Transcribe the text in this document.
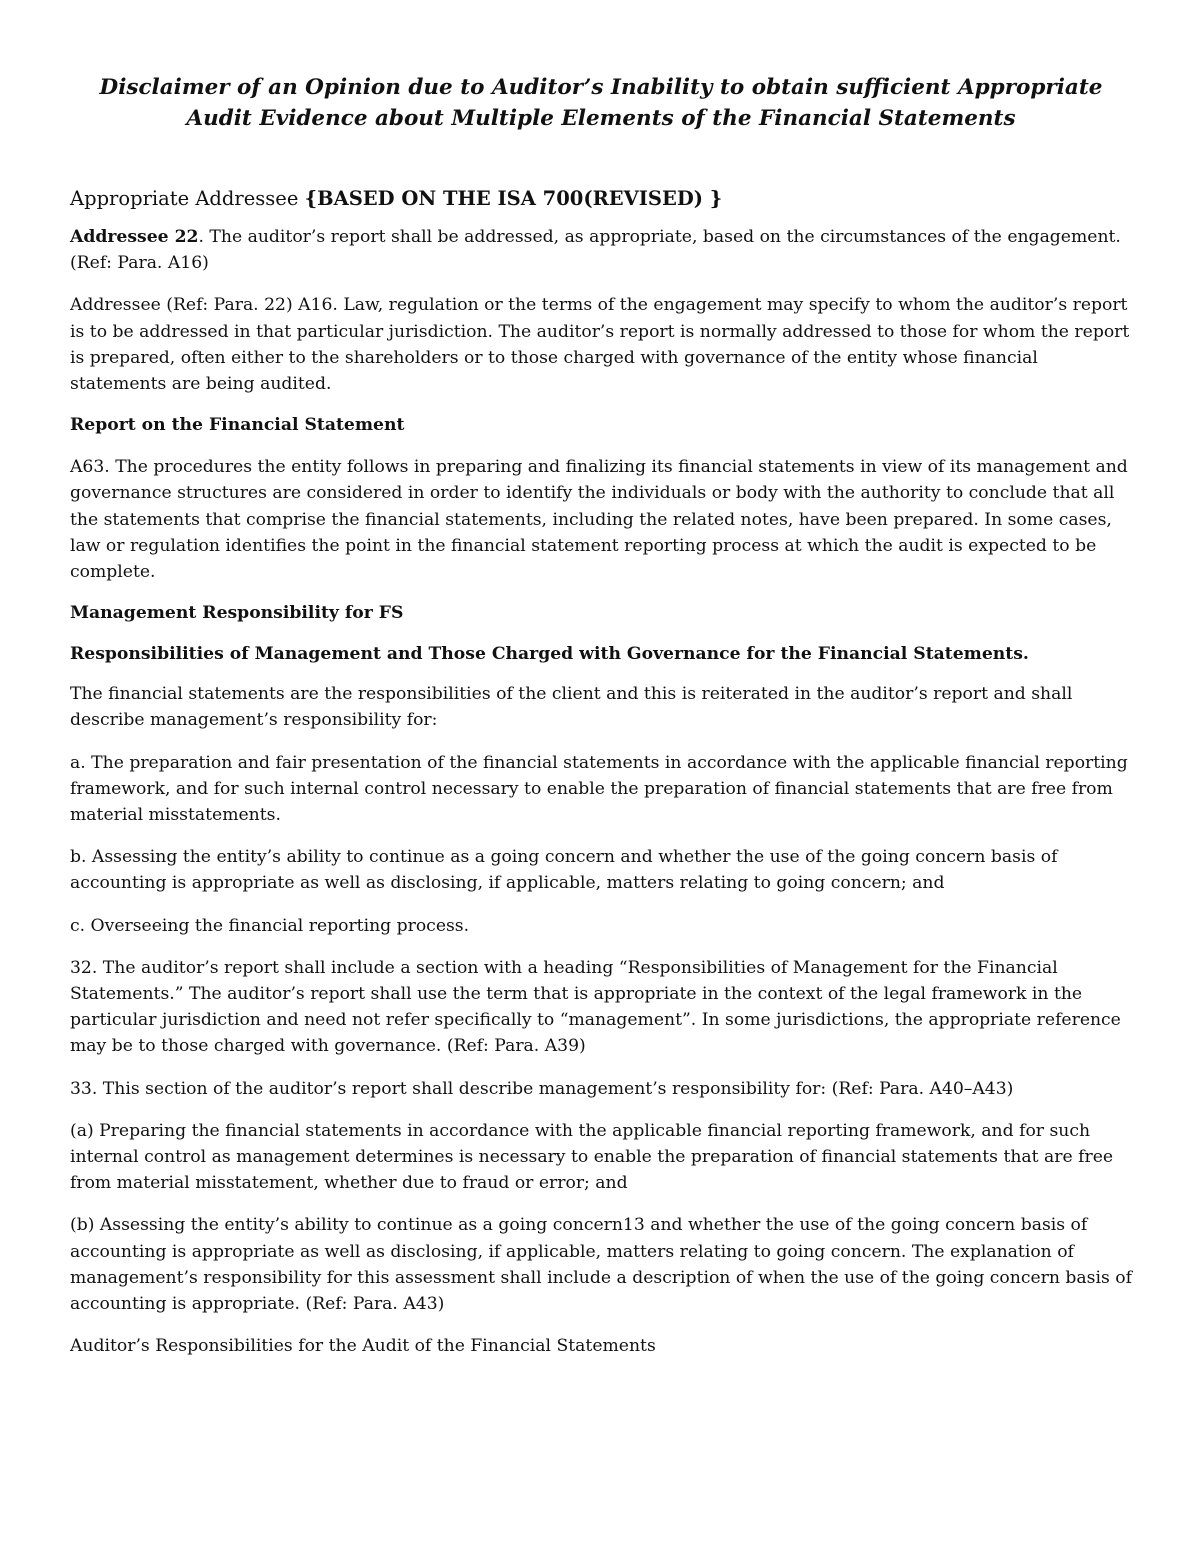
Disclaimer of an Opinion due to Auditor’s Inability to obtain sufficient Appropriate
Audit Evidence about Multiple Elements of the Financial Statements
Appropriate Addressee {BASED ON THE ISA 700(REVISED) }

Addressee 22. The auditor’s report shall be addressed, as appropriate, based on the circumstances of the engagement. (Ref: Para. A16)

Addressee (Ref: Para. 22) A16. Law, regulation or the terms of the engagement may specify to whom the auditor’s report is to be addressed in that particular jurisdiction. The auditor’s report is normally addressed to those for whom the report is prepared, often either to the shareholders or to those charged with governance of the entity whose financial statements are being audited.

Report on the Financial Statement

A63. The procedures the entity follows in preparing and finalizing its financial statements in view of its management and governance structures are considered in order to identify the individuals or body with the authority to conclude that all the statements that comprise the financial statements, including the related notes, have been prepared. In some cases, law or regulation identifies the point in the financial statement reporting process at which the audit is expected to be complete.

Management Responsibility for FS
Responsibilities of Management and Those Charged with Governance for the Financial Statements.

The financial statements are the responsibilities of the client and this is reiterated in the auditor’s report and shall describe management’s responsibility for:

a. The preparation and fair presentation of the financial statements in accordance with the applicable financial reporting framework, and for such internal control necessary to enable the preparation of financial statements that are free from material misstatements.

b. Assessing the entity’s ability to continue as a going concern and whether the use of the going concern basis of accounting is appropriate as well as disclosing, if applicable, matters relating to going concern; and

c. Overseeing the financial reporting process.

32. The auditor’s report shall include a section with a heading “Responsibilities of Management for the Financial Statements.” The auditor’s report shall use the term that is appropriate in the context of the legal framework in the particular jurisdiction and need not refer specifically to “management”. In some jurisdictions, the appropriate reference may be to those charged with governance. (Ref: Para. A39)

33. This section of the auditor’s report shall describe management’s responsibility for: (Ref: Para. A40–A43)

(a) Preparing the financial statements in accordance with the applicable financial reporting framework, and for such internal control as management determines is necessary to enable the preparation of financial statements that are free from material misstatement, whether due to fraud or error; and

(b) Assessing the entity’s ability to continue as a going concern13 and whether the use of the going concern basis of accounting is appropriate as well as disclosing, if applicable, matters relating to going concern. The explanation of management’s responsibility for this assessment shall include a description of when the use of the going concern basis of accounting is appropriate. (Ref: Para. A43)

Auditor’s Responsibilities for the Audit of the Financial Statements
